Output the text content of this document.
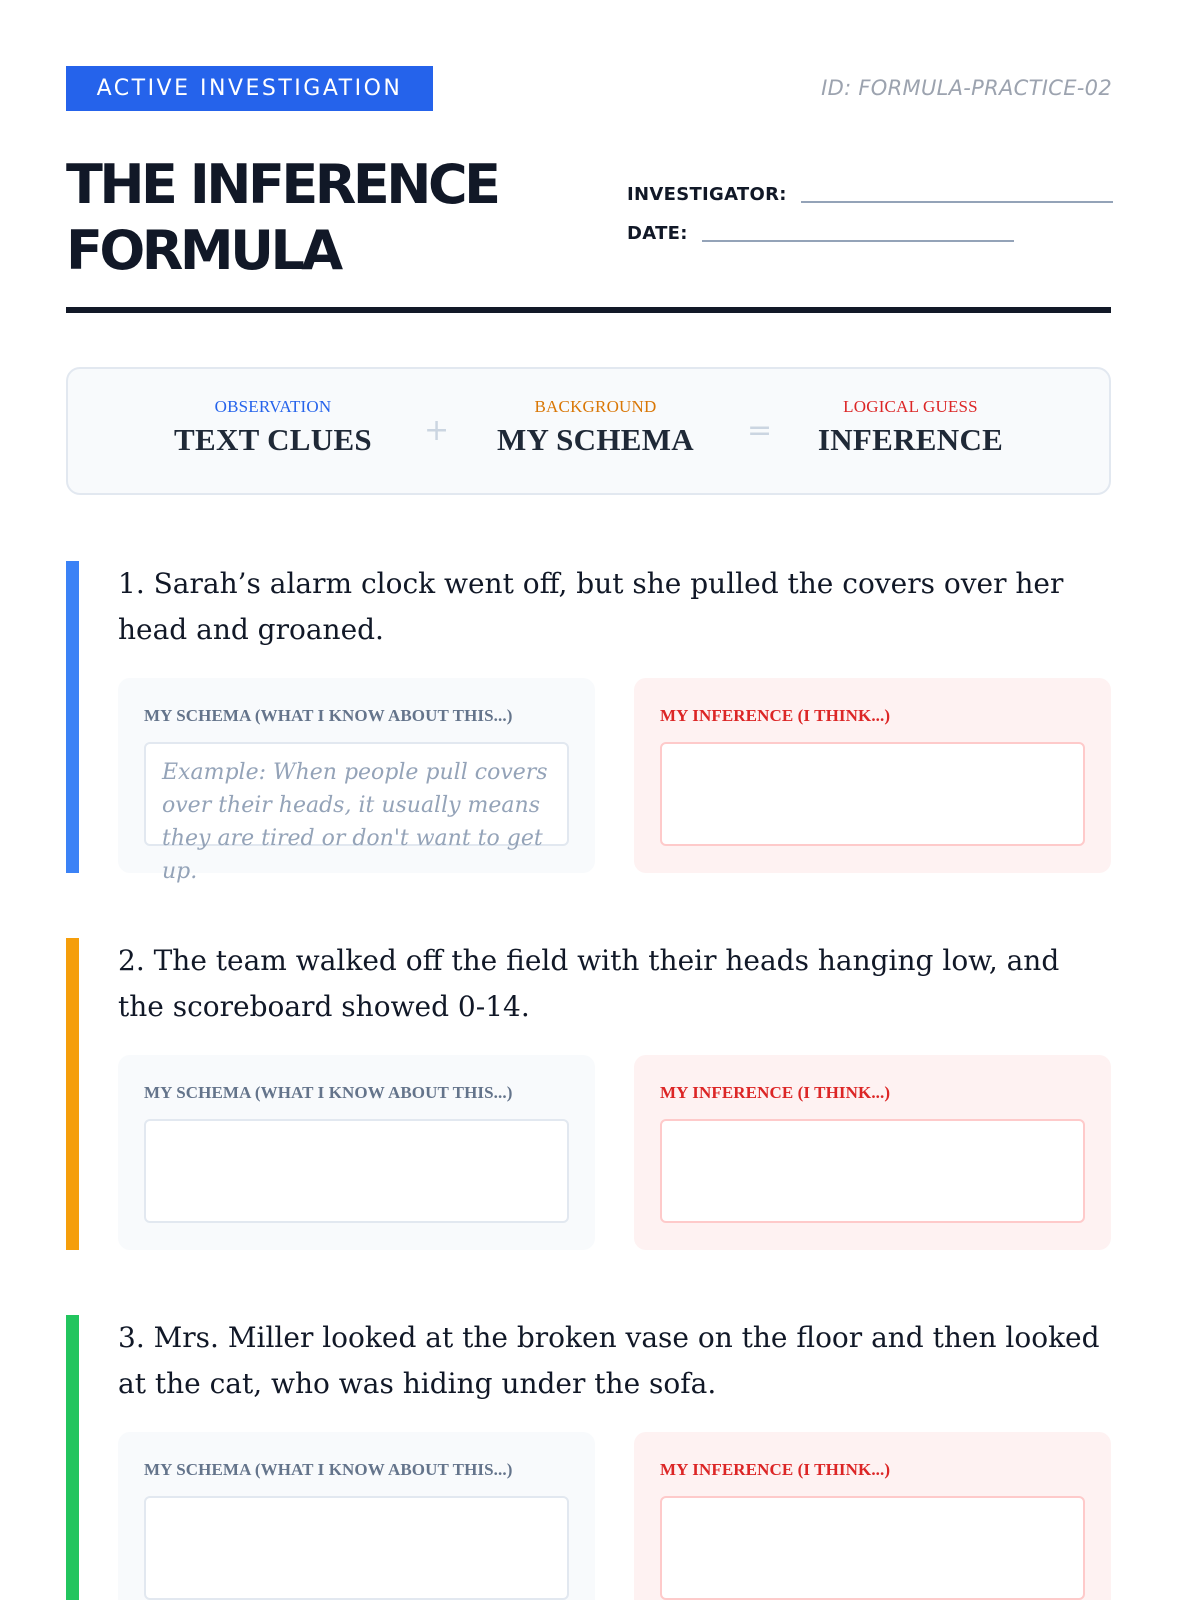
ACTIVE INVESTIGATION	ID: FORMULA-PRACTICE-02
THE INFERENCE
FORMULA
INVESTIGATOR:
DATE:
OBSERVATION
TEXT CLUES +
BACKGROUND
MY SCHEMA	=
LOGICAL GUESS
INFERENCE
1. Sarah’s alarm clock went off, but she pulled the covers over her head and groaned.
MY SCHEMA (WHAT I KNOW ABOUT THIS...)
Example: When people pull covers over their heads, it usually means they are tired or don't want to get up.
MY INFERENCE (I THINK...)
2. The team walked off the field with their heads hanging low, and the scoreboard showed 0-14.
MY SCHEMA (WHAT I KNOW ABOUT THIS...)	MY INFERENCE (I THINK...)
3. Mrs. Miller looked at the broken vase on the floor and then looked at the cat, who was hiding under the sofa.
MY SCHEMA (WHAT I KNOW ABOUT THIS...)	MY INFERENCE (I THINK...)
